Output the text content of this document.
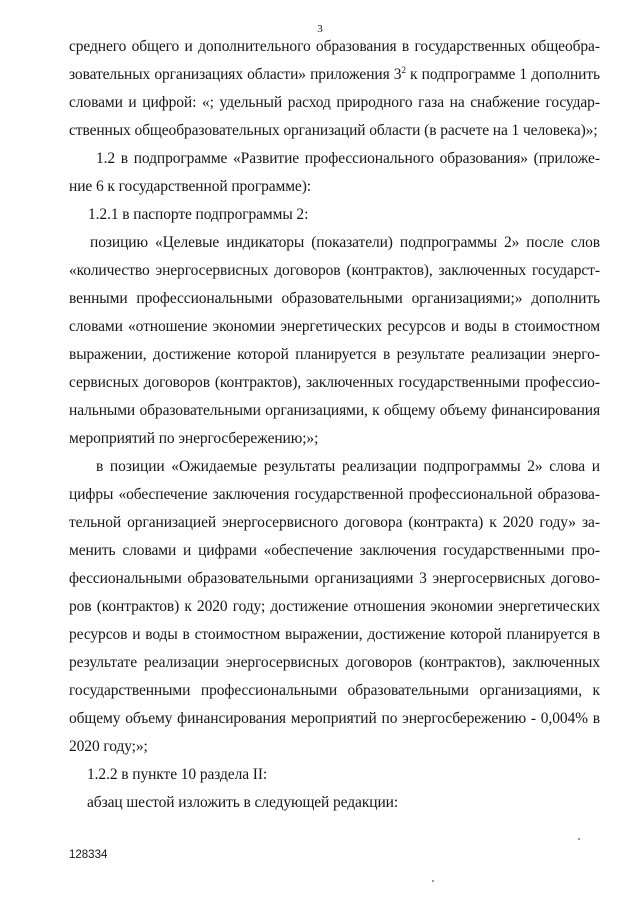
3

среднего общего и дополнительного образования в государственных общеобразовательных организациях области» приложения $3^2$ к подпрограмме 1 дополнить словами и цифрой: «; удельный расход природного газа на снабжение государственных общеобразовательных организаций области (в расчете на 1 человека)»;

1.2 в подпрограмме «Развитие профессионального образования» (приложение 6 к государственной программе):

1.2.1 в паспорте подпрограммы 2:

позицию «Целевые индикаторы (показатели) подпрограммы 2» после слов «количество энергосервисных договоров (контрактов), заключенных государственными профессиональными образовательными организациями;» дополнить словами «отношение экономии энергетических ресурсов и воды в стоимостном выражении, достижение которой планируется в результате реализации энергосервисных договоров (контрактов), заключенных государственными профессиональными образовательными организациями, к общему объему финансирования мероприятий по энергосбережению;»;

в позиции «Ожидаемые результаты реализации подпрограммы 2» слова и цифры «обеспечение заключения государственной профессиональной образовательной организацией энергосервисного договора (контракта) к 2020 году» заменить словами и цифрами «обеспечение заключения государственными профессиональными образовательными организациями 3 энергосервисных договоров (контрактов) к 2020 году; достижение отношения экономии энергетических ресурсов и воды в стоимостном выражении, достижение которой планируется в результате реализации энергосервисных договоров (контрактов), заключенных государственными профессиональными образовательными организациями, к общему объему финансирования мероприятий по энергосбережению - 0,004% в 2020 году;»;

1.2.2 в пункте 10 раздела II:

абзац шестой изложить в следующей редакции:

128334
